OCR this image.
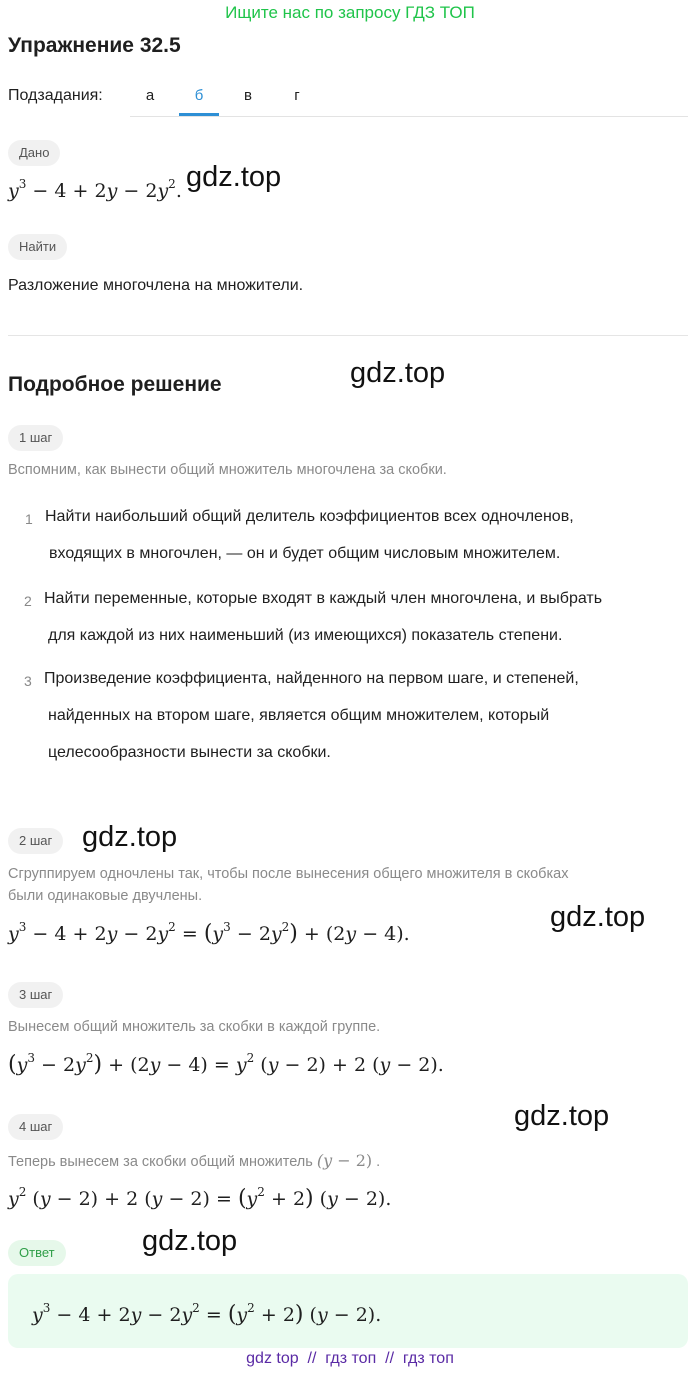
Ищите нас по запросу ГДЗ ТОП
Упражнение 32.5
Подзадания:	а	б	в	г
Дано
$y^3 - 4 + 2y - 2y^2$. gdz.top
Найти
Разложение многочлена на множители.
Подробное решение	gdz.top
1 шаг
Вспомним, как вынести общий множитель многочлена за скобки.
1 Найти наибольший общий делитель коэффициентов всех одночленов,
входящих в многочлен, — он и будет общим числовым множителем.
2 Найти переменные, которые входят в каждый член многочлена, и выбрать
для каждой из них наименьший (из имеющихся) показатель степени.
3 Произведение коэффициента, найденного на первом шаге, и степеней,
найденных на втором шаге, является общим множителем, который
целесообразности вынести за скобки.
2 шаг	gdz.top
Сгруппируем одночлены так, чтобы после вынесения общего множителя в скобках
были одинаковые двучлены.
$y^3 - 4 + 2y - 2y^2 = (y^3 - 2y^2) + (2y - 4)$.
gdz.top
3 шаг
Вынесем общий множитель за скобки в каждой группе.
$(y^3 - 2y^2) + (2y - 4) = y^2$ (y − 2) + 2 (y − 2).
4 шаг	gdz.top
Теперь вынесем за скобки общий множитель (y − 2) .
$y^2$ (y − 2) + 2 $(y - 2) = (y^2 + 2) (y - 2)$.
Ответ	gdz.top
$y^3 - 4 + 2y - 2y^2 = (y^2 + 2) (y - 2)$.
gdz top  //  гдз топ  //  гдз топ
